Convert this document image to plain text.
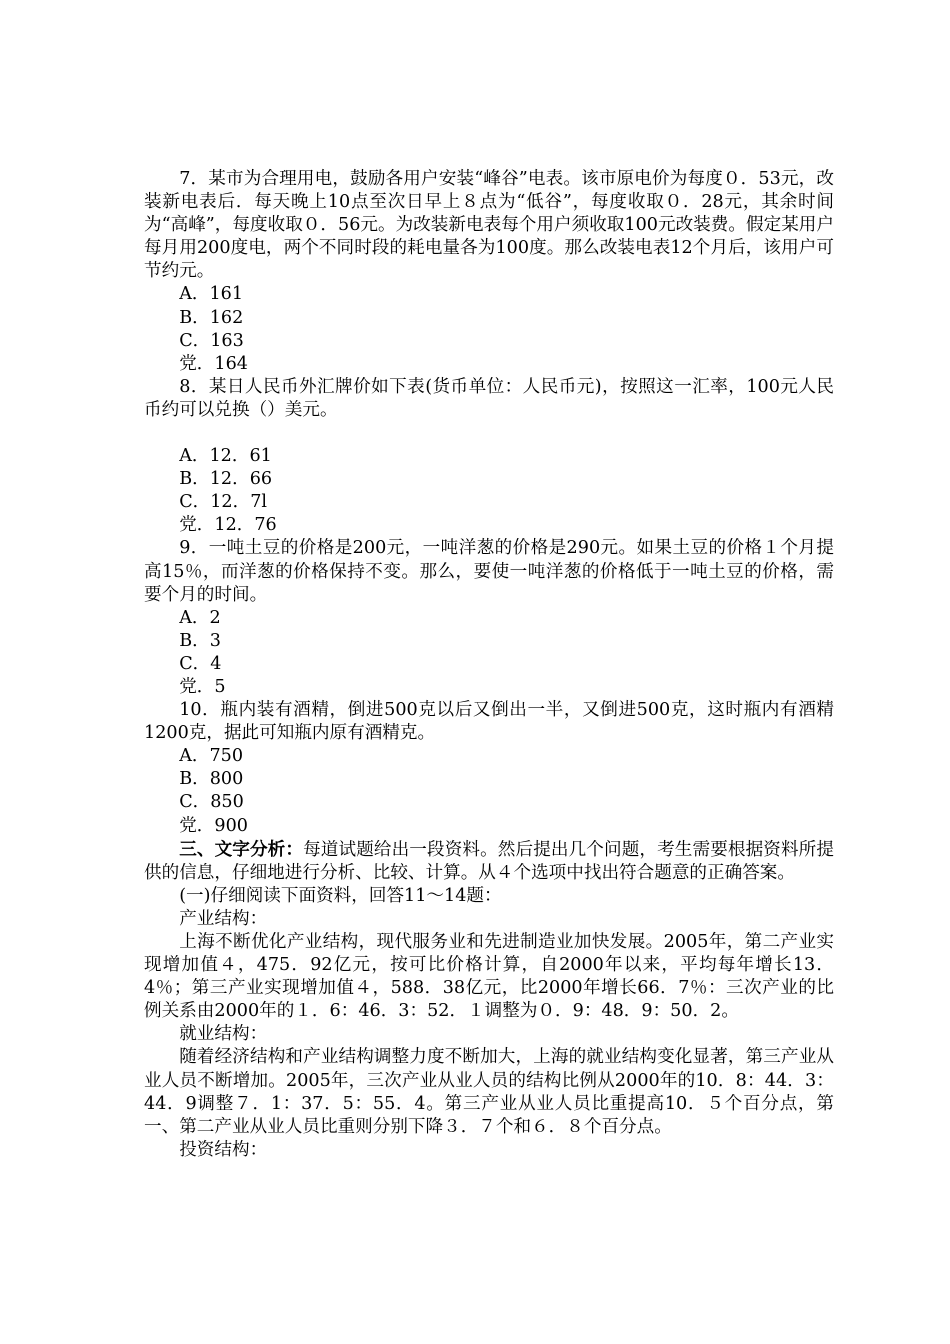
7．某市为合理用电，鼓励各用户安装“峰谷”电表。该市原电价为每度０．53元，改装新电表后．每天晚上10点至次日早上８点为“低谷”，每度收取０．28元，其余时间为“高峰”，每度收取０．56元。为改装新电表每个用户须收取100元改装费。假定某用户每月用200度电，两个不同时段的耗电量各为100度。那么改装电表12个月后，该用户可节约元。

A．161

B．162

C．163

党．164

8．某日人民币外汇牌价如下表(货币单位：人民币元)，按照这一汇率，100元人民币约可以兑换（）美元。

A．12．61

B．12．66

C．12．7l

党．12．76

9．一吨土豆的价格是200元，一吨洋葱的价格是290元。如果土豆的价格１个月提高15％，而洋葱的价格保持不变。那么，要使一吨洋葱的价格低于一吨土豆的价格，需要个月的时间。

A．2

B．3

C．4

党．5

10．瓶内装有酒精，倒进500克以后又倒出一半，又倒进500克，这时瓶内有酒精1200克，据此可知瓶内原有酒精克。

A．750

B．800

C．850

党．900

三、文字分析：每道试题给出一段资料。然后提出几个问题，考生需要根据资料所提供的信息，仔细地进行分析、比较、计算。从４个选项中找出符合题意的正确答案。

(一)仔细阅读下面资料，回答11～14题：

产业结构：

上海不断优化产业结构，现代服务业和先进制造业加快发展。2005年，第二产业实现增加值４，475．92亿元，按可比价格计算，自2000年以来，平均每年增长13．4％；第三产业实现增加值４，588．38亿元，比2000年增长66．7％：三次产业的比例关系由2000年的１．6：46．3：52．１调整为０．9：48．9：50．2。

就业结构：

随着经济结构和产业结构调整力度不断加大，上海的就业结构变化显著，第三产业从业人员不断增加。2005年，三次产业从业人员的结构比例从2000年的10．8：44．3：44．9调整７．1：37．5：55．4。第三产业从业人员比重提高10．５个百分点，第一、第二产业从业人员比重则分别下降３．７个和６．８个百分点。

投资结构：
